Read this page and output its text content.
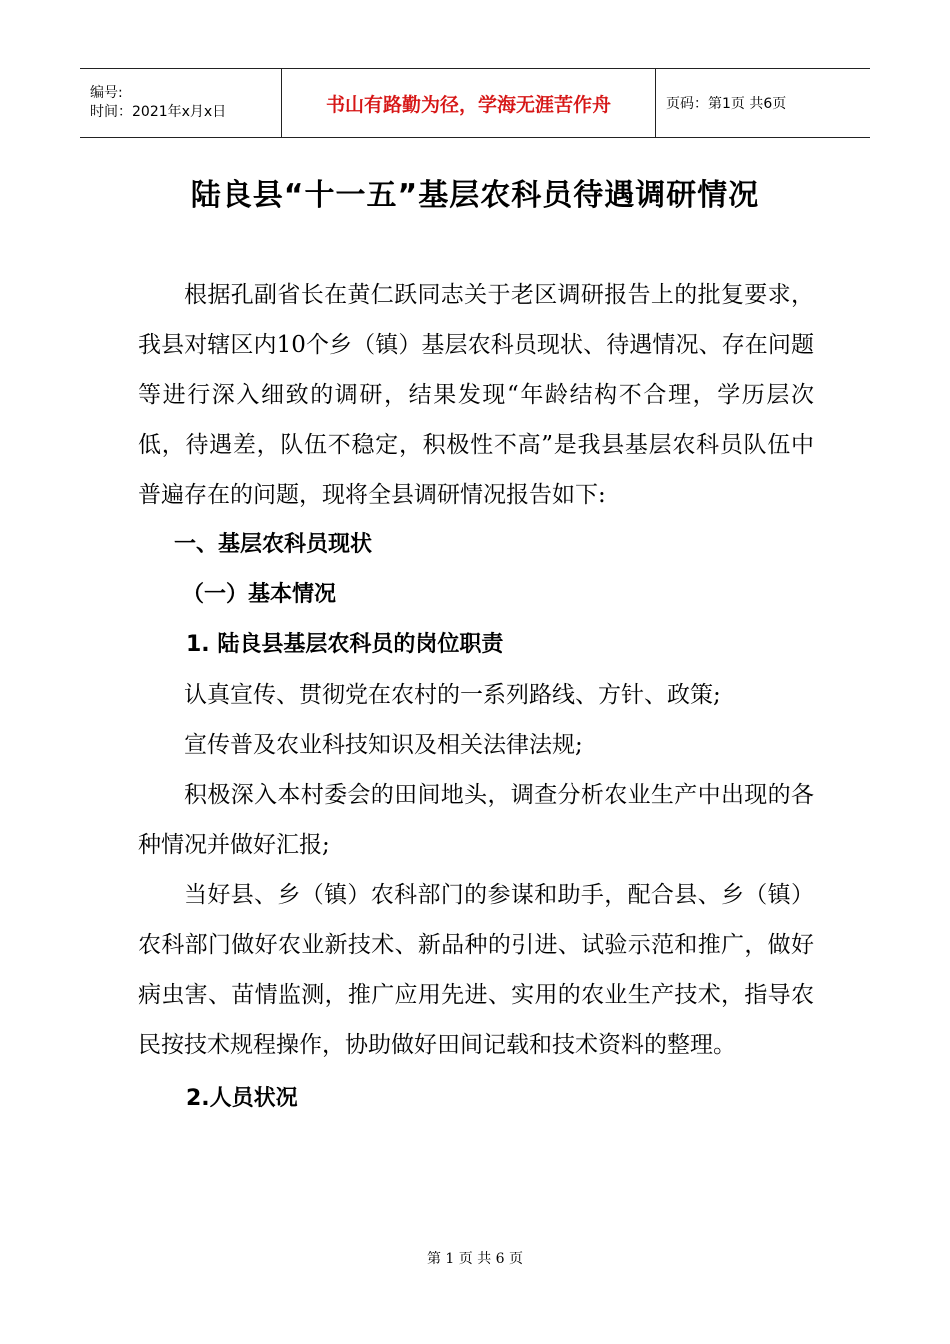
编号:
时间：2021年x月x日	书山有路勤为径，学海无涯苦作舟	页码：第1页 共6页
陆良县“十一五”基层农科员待遇调研情况

根据孔副省长在黄仁跃同志关于老区调研报告上的批复要求，我县对辖区内10个乡（镇）基层农科员现状、待遇情况、存在问题等进行深入细致的调研，结果发现“年龄结构不合理，学历层次低，待遇差，队伍不稳定，积极性不高”是我县基层农科员队伍中普遍存在的问题，现将全县调研情况报告如下:

一、基层农科员现状

（一）基本情况

1. 陆良县基层农科员的岗位职责

认真宣传、贯彻党在农村的一系列路线、方针、政策;

宣传普及农业科技知识及相关法律法规;

积极深入本村委会的田间地头，调查分析农业生产中出现的各种情况并做好汇报;

当好县、乡（镇）农科部门的参谋和助手，配合县、乡（镇）农科部门做好农业新技术、新品种的引进、试验示范和推广，做好病虫害、苗情监测，推广应用先进、实用的农业生产技术，指导农民按技术规程操作，协助做好田间记载和技术资料的整理。

2.人员状况

第 1 页 共 6 页
